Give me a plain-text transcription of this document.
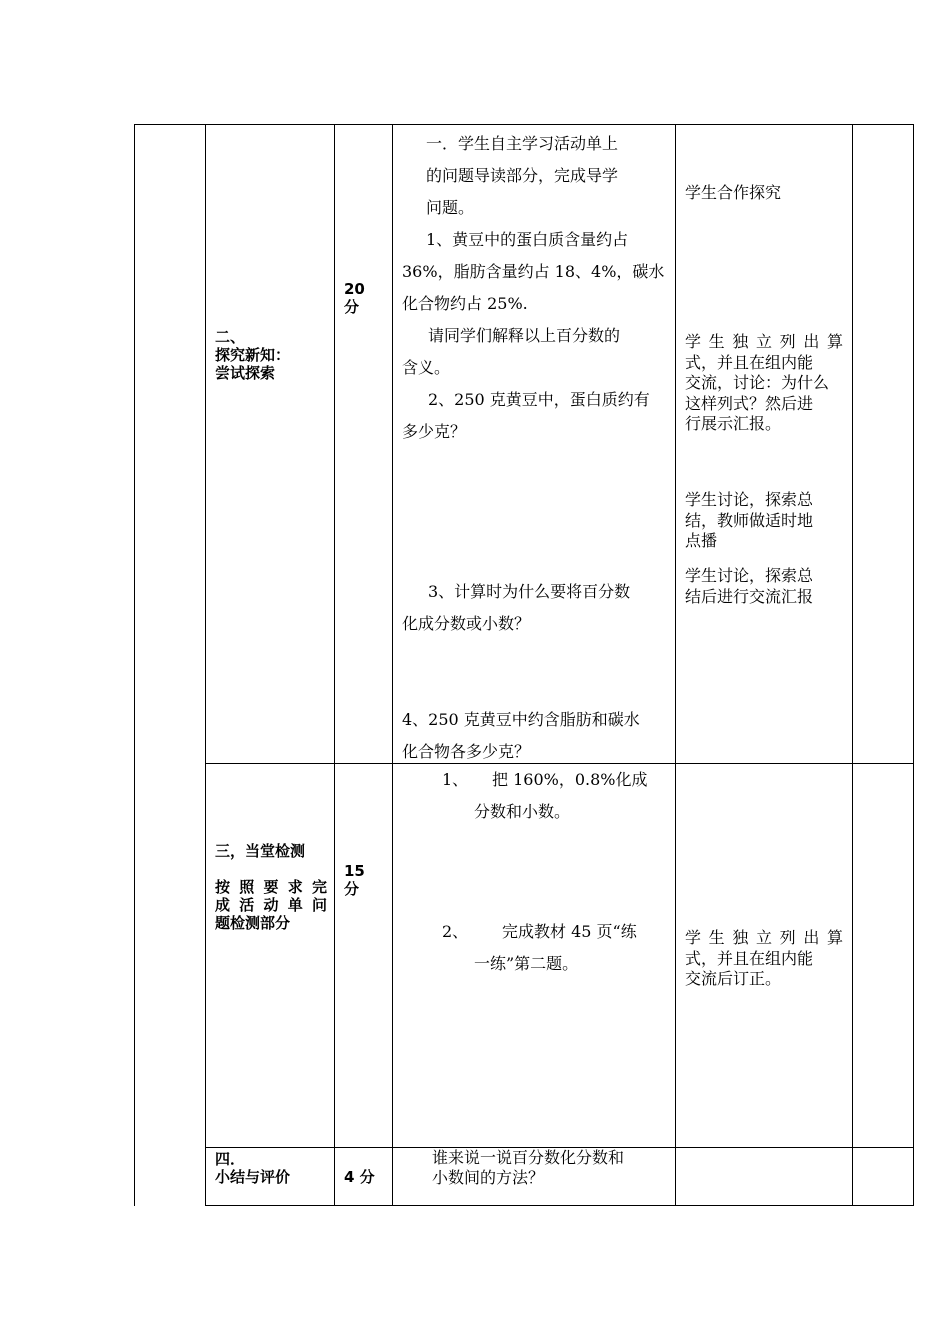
二、
探究新知：
尝试探索
20
分
一．学生自主学习活动单上
的问题导读部分，完成导学
问题。
1、黄豆中的蛋白质含量约占
36%，脂肪含量约占 18、4%，碳水
化合物约占 25%.
请同学们解释以上百分数的
含义。
2、250 克黄豆中，蛋白质约有
多少克？
3、计算时为什么要将百分数
化成分数或小数？
4、250 克黄豆中约含脂肪和碳水
化合物各多少克？
学生合作探究
学生独立列出算
式，并且在组内能
交流，讨论：为什么
这样列式？然后进
行展示汇报。
学生讨论，探索总
结，教师做适时地
点播
学生讨论，探索总
结后进行交流汇报
三，当堂检测
按照要求完
成活动单问
题检测部分
15
分
1、 把 160%，0.8%化成
分数和小数。
2、 完成教材 45 页“练
一练”第二题。
学生独立列出算
式，并且在组内能
交流后订正。
四．
小结与评价	4 分
谁来说一说百分数化分数和
小数间的方法？
